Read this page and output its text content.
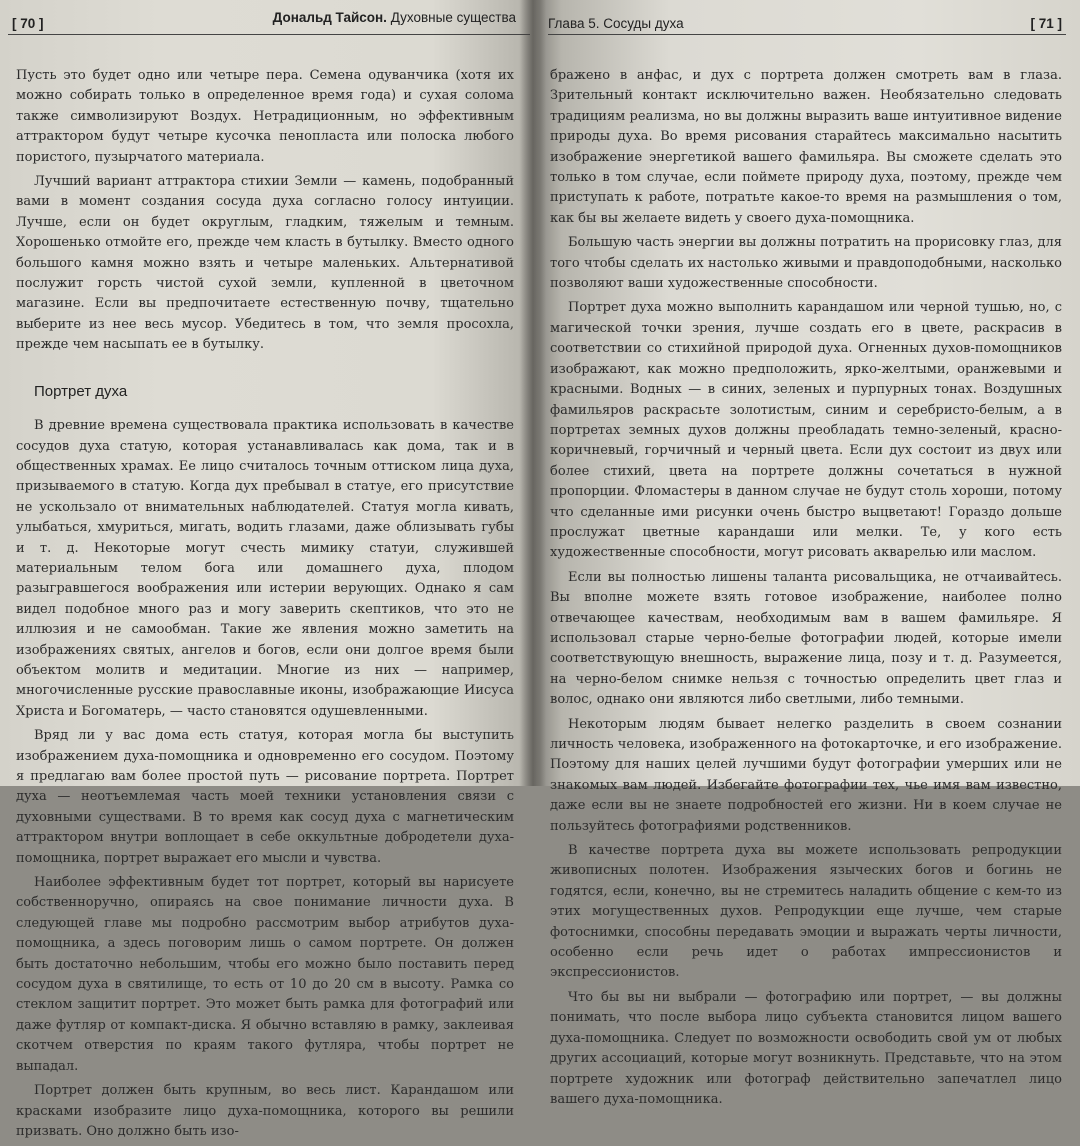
[ 70 ]	Дональд Тайсон. Духовные существа

Пусть это будет одно или четыре пера. Семена одуванчика (хотя их можно собирать только в определенное время года) и сухая солома также символизируют Воздух. Нетрадиционным, но эффективным аттрактором будут четыре кусочка пенопласта или полоска любого пористого, пузырчатого материала.

Лучший вариант аттрактора стихии Земли — камень, подобранный вами в момент создания сосуда духа согласно голосу интуиции. Лучше, если он будет округлым, гладким, тяжелым и темным. Хорошенько отмойте его, прежде чем класть в бутылку. Вместо одного большого камня можно взять и четыре маленьких. Альтернативой послужит горсть чистой сухой земли, купленной в цветочном магазине. Если вы предпочитаете естественную почву, тщательно выберите из нее весь мусор. Убедитесь в том, что земля просохла, прежде чем насыпать ее в бутылку.

Портрет духа

В древние времена существовала практика использовать в качестве сосудов духа статую, которая устанавливалась как дома, так и в общественных храмах. Ее лицо считалось точным оттиском лица духа, призываемого в статую. Когда дух пребывал в статуе, его присутствие не ускользало от внимательных наблюдателей. Статуя могла кивать, улыбаться, хмуриться, мигать, водить глазами, даже облизывать губы и т. д. Некоторые могут счесть мимику статуи, служившей материальным телом бога или домашнего духа, плодом разыгравшегося воображения или истерии верующих. Однако я сам видел подобное много раз и могу заверить скептиков, что это не иллюзия и не самообман. Такие же явления можно заметить на изображениях святых, ангелов и богов, если они долгое время были объектом молитв и медитации. Многие из них — например, многочисленные русские православные иконы, изображающие Иисуса Христа и Богоматерь, — часто становятся одушевленными.

Вряд ли у вас дома есть статуя, которая могла бы выступить изображением духа-помощника и одновременно его сосудом. Поэтому я предлагаю вам более простой путь — рисование портрета. Портрет духа — неотъемлемая часть моей техники установления связи с духовными существами. В то время как сосуд духа с магнетическим аттрактором внутри воплощает в себе оккультные добродетели духа-помощника, портрет выражает его мысли и чувства.

Наиболее эффективным будет тот портрет, который вы нарисуете собственноручно, опираясь на свое понимание личности духа. В следующей главе мы подробно рассмотрим выбор атрибутов духа-помощника, а здесь поговорим лишь о самом портрете. Он должен быть достаточно небольшим, чтобы его можно было поставить перед сосудом духа в святилище, то есть от 10 до 20 см в высоту. Рамка со стеклом защитит портрет. Это может быть рамка для фотографий или даже футляр от компакт-диска. Я обычно вставляю в рамку, заклеивая скотчем отверстия по краям такого футляра, чтобы портрет не выпадал.

Портрет должен быть крупным, во весь лист. Карандашом или красками изобразите лицо духа-помощника, которого вы решили призвать. Оно должно быть изо-

Глава 5. Сосуды духа	[ 71 ]

бражено в анфас, и дух с портрета должен смотреть вам в глаза. Зрительный контакт исключительно важен. Необязательно следовать традициям реализма, но вы должны выразить ваше интуитивное видение природы духа. Во время рисования старайтесь максимально насытить изображение энергетикой вашего фамильяра. Вы сможете сделать это только в том случае, если поймете природу духа, поэтому, прежде чем приступать к работе, потратьте какое-то время на размышления о том, как бы вы желаете видеть у своего духа-помощника.

Большую часть энергии вы должны потратить на прорисовку глаз, для того чтобы сделать их настолько живыми и правдоподобными, насколько позволяют ваши художественные способности.

Портрет духа можно выполнить карандашом или черной тушью, но, с магической точки зрения, лучше создать его в цвете, раскрасив в соответствии со стихийной природой духа. Огненных духов-помощников изображают, как можно предположить, ярко-желтыми, оранжевыми и красными. Водных — в синих, зеленых и пурпурных тонах. Воздушных фамильяров раскрасьте золотистым, синим и серебристо-белым, а в портретах земных духов должны преобладать темно-зеленый, красно-коричневый, горчичный и черный цвета. Если дух состоит из двух или более стихий, цвета на портрете должны сочетаться в нужной пропорции. Фломастеры в данном случае не будут столь хороши, потому что сделанные ими рисунки очень быстро выцветают! Гораздо дольше прослужат цветные карандаши или мелки. Те, у кого есть художественные способности, могут рисовать акварелью или маслом.

Если вы полностью лишены таланта рисовальщика, не отчаивайтесь. Вы вполне можете взять готовое изображение, наиболее полно отвечающее качествам, необходимым вам в вашем фамильяре. Я использовал старые черно-белые фотографии людей, которые имели соответствующую внешность, выражение лица, позу и т. д. Разумеется, на черно-белом снимке нельзя с точностью определить цвет глаз и волос, однако они являются либо светлыми, либо темными.

Некоторым людям бывает нелегко разделить в своем сознании личность человека, изображенного на фотокарточке, и его изображение. Поэтому для наших целей лучшими будут фотографии умерших или не знакомых вам людей. Избегайте фотографии тех, чье имя вам известно, даже если вы не знаете подробностей его жизни. Ни в коем случае не пользуйтесь фотографиями родственников.

В качестве портрета духа вы можете использовать репродукции живописных полотен. Изображения языческих богов и богинь не годятся, если, конечно, вы не стремитесь наладить общение с кем-то из этих могущественных духов. Репродукции еще лучше, чем старые фотоснимки, способны передавать эмоции и выражать черты личности, особенно если речь идет о работах импрессионистов и экспрессионистов.

Что бы вы ни выбрали — фотографию или портрет, — вы должны понимать, что после выбора лицо субъекта становится лицом вашего духа-помощника. Следует по возможности освободить свой ум от любых других ассоциаций, которые могут возникнуть. Представьте, что на этом портрете художник или фотограф действительно запечатлел лицо вашего духа-помощника.
